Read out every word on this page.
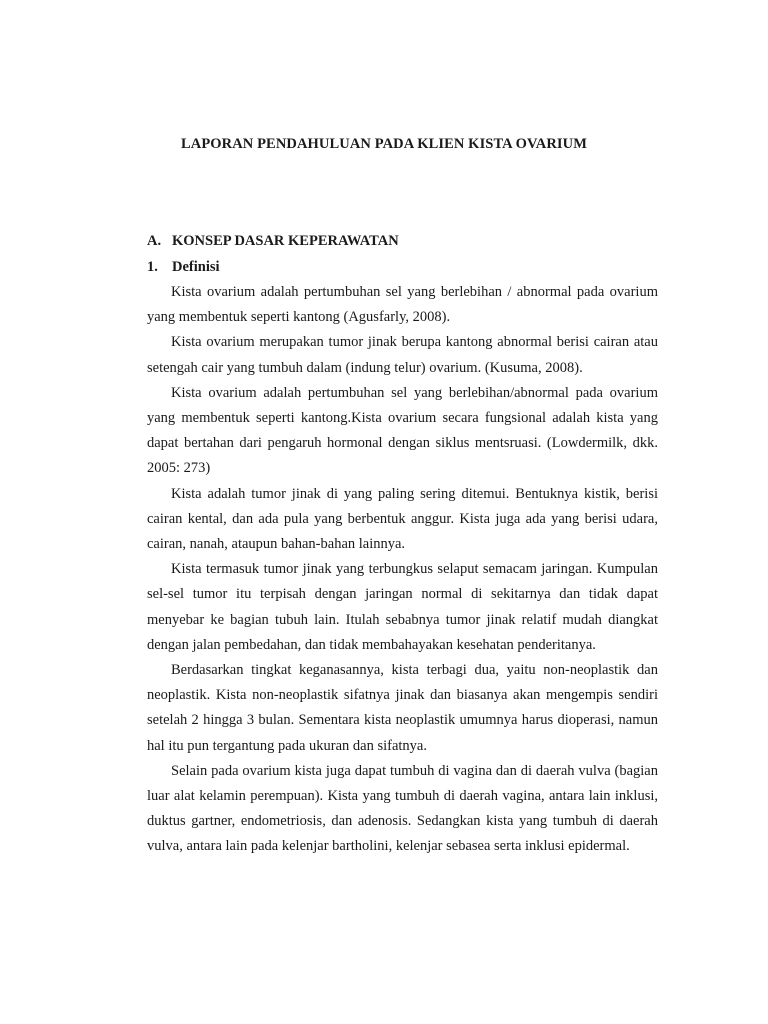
LAPORAN PENDAHULUAN PADA KLIEN KISTA OVARIUM
A. KONSEP DASAR KEPERAWATAN
1. Definisi

Kista ovarium adalah pertumbuhan sel yang berlebihan / abnormal pada ovarium yang membentuk seperti kantong (Agusfarly, 2008).

Kista ovarium merupakan tumor jinak berupa kantong abnormal berisi cairan atau setengah cair yang tumbuh dalam (indung telur) ovarium. (Kusuma, 2008).

Kista ovarium adalah pertumbuhan sel yang berlebihan/abnormal pada ovarium yang membentuk seperti kantong.Kista ovarium secara fungsional adalah kista yang dapat bertahan dari pengaruh hormonal dengan siklus mentsruasi. (Lowdermilk, dkk. 2005: 273)

Kista adalah tumor jinak di yang paling sering ditemui. Bentuknya kistik, berisi cairan kental, dan ada pula yang berbentuk anggur. Kista juga ada yang berisi udara, cairan, nanah, ataupun bahan-bahan lainnya.

Kista termasuk tumor jinak yang terbungkus selaput semacam jaringan. Kumpulan sel-sel tumor itu terpisah dengan jaringan normal di sekitarnya dan tidak dapat menyebar ke bagian tubuh lain. Itulah sebabnya tumor jinak relatif mudah diangkat dengan jalan pembedahan, dan tidak membahayakan kesehatan penderitanya.

Berdasarkan tingkat keganasannya, kista terbagi dua, yaitu non-neoplastik dan neoplastik. Kista non-neoplastik sifatnya jinak dan biasanya akan mengempis sendiri setelah 2 hingga 3 bulan. Sementara kista neoplastik umumnya harus dioperasi, namun hal itu pun tergantung pada ukuran dan sifatnya.

Selain pada ovarium kista juga dapat tumbuh di vagina dan di daerah vulva (bagian luar alat kelamin perempuan). Kista yang tumbuh di daerah vagina, antara lain inklusi, duktus gartner, endometriosis, dan adenosis. Sedangkan kista yang tumbuh di daerah vulva, antara lain pada kelenjar bartholini, kelenjar sebasea serta inklusi epidermal.
